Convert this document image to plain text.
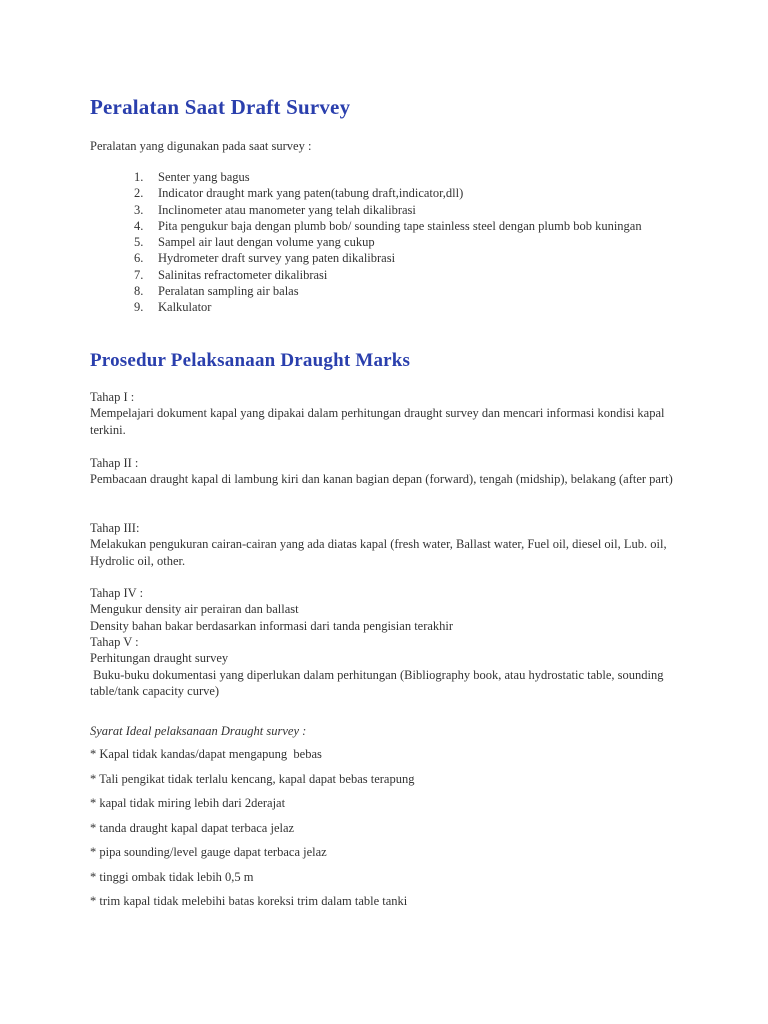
Peralatan Saat Draft Survey
Peralatan yang digunakan pada saat survey :
1. Senter yang bagus
2. Indicator draught mark yang paten(tabung draft,indicator,dll)
3. Inclinometer atau manometer yang telah dikalibrasi
4. Pita pengukur baja dengan plumb bob/ sounding tape stainless steel dengan plumb bob kuningan
5. Sampel air laut dengan volume yang cukup
6. Hydrometer draft survey yang paten dikalibrasi
7. Salinitas refractometer dikalibrasi
8. Peralatan sampling air balas
9. Kalkulator
Prosedur Pelaksanaan Draught Marks

Tahap I :

Mempelajari dokument kapal yang dipakai dalam perhitungan draught survey dan mencari informasi kondisi kapal terkini.

Tahap II :

Pembacaan draught kapal di lambung kiri dan kanan bagian depan (forward), tengah (midship), belakang (after part)

Tahap III:

Melakukan pengukuran cairan-cairan yang ada diatas kapal (fresh water, Ballast water, Fuel oil, diesel oil, Lub. oil, Hydrolic oil, other.

Tahap IV :

Mengukur density air perairan dan ballast

Density bahan bakar berdasarkan informasi dari tanda pengisian terakhir

Tahap V :

Perhitungan draught survey

Buku-buku dokumentasi yang diperlukan dalam perhitungan (Bibliography book, atau hydrostatic table, sounding table/tank capacity curve)

Syarat Ideal pelaksanaan Draught survey :
* Kapal tidak kandas/dapat mengapung  bebas
* Tali pengikat tidak terlalu kencang, kapal dapat bebas terapung
* kapal tidak miring lebih dari 2derajat
* tanda draught kapal dapat terbaca jelaz
* pipa sounding/level gauge dapat terbaca jelaz
* tinggi ombak tidak lebih 0,5 m
* trim kapal tidak melebihi batas koreksi trim dalam table tanki
